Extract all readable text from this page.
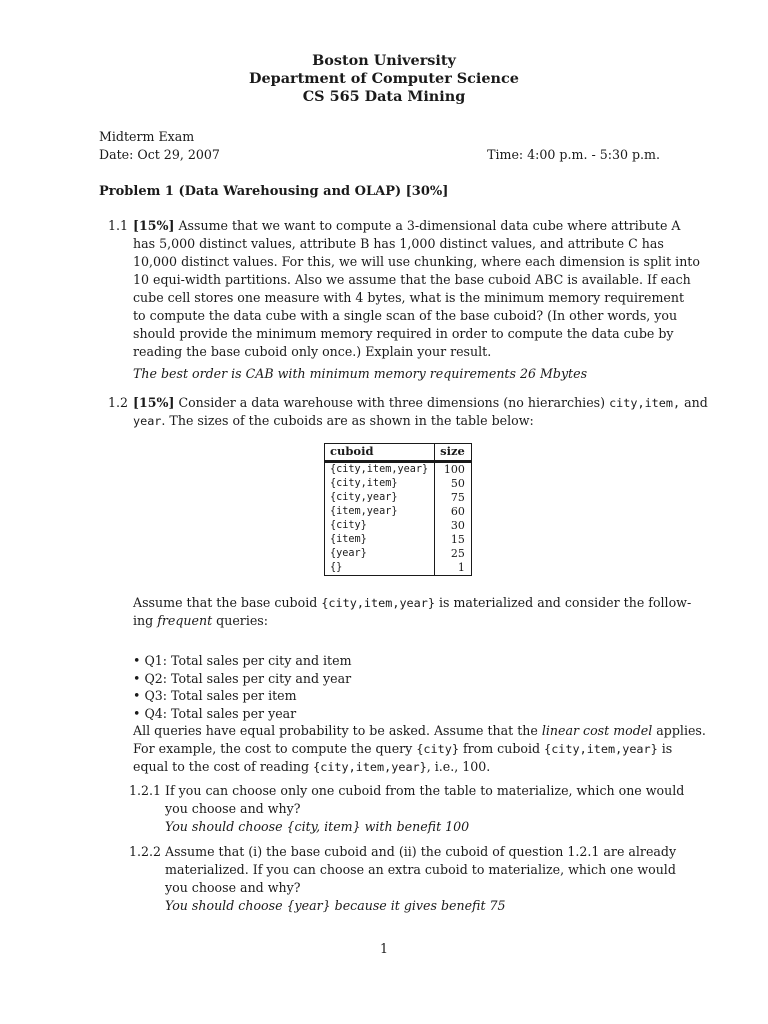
Boston University
Department of Computer Science
CS 565 Data Mining
Midterm Exam
Date: Oct 29, 2007	Time: 4:00 p.m. - 5:30 p.m.
Problem 1 (Data Warehousing and OLAP) [30%]
1.1 [15%] Assume that we want to compute a 3-dimensional data cube where attribute A
has 5,000 distinct values, attribute B has 1,000 distinct values, and attribute C has
10,000 distinct values. For this, we will use chunking, where each dimension is split into
10 equi-width partitions. Also we assume that the base cuboid ABC is available. If each
cube cell stores one measure with 4 bytes, what is the minimum memory requirement
to compute the data cube with a single scan of the base cuboid? (In other words, you
should provide the minimum memory required in order to compute the data cube by
reading the base cuboid only once.) Explain your result.
The best order is CAB with minimum memory requirements 26 Mbytes
1.2 [15%] Consider a data warehouse with three dimensions (no hierarchies) city,item, and
year. The sizes of the cuboids are as shown in the table below:
cuboid	size
{city,item,year}	100
{city,item}	50
{city,year}	75
{item,year}	60
{city}	30
{item}	15
{year}	25
{}	1
Assume that the base cuboid {city,item,year} is materialized and consider the follow-
ing frequent queries:
• Q1: Total sales per city and item
• Q2: Total sales per city and year
• Q3: Total sales per item
• Q4: Total sales per year
All queries have equal probability to be asked. Assume that the linear cost model applies.
For example, the cost to compute the query {city} from cuboid {city,item,year} is
equal to the cost of reading {city,item,year}, i.e., 100.
1.2.1 If you can choose only one cuboid from the table to materialize, which one would
you choose and why?
You should choose {city, item} with benefit 100
1.2.2 Assume that (i) the base cuboid and (ii) the cuboid of question 1.2.1 are already
materialized. If you can choose an extra cuboid to materialize, which one would
you choose and why?
You should choose {year} because it gives benefit 75
1
